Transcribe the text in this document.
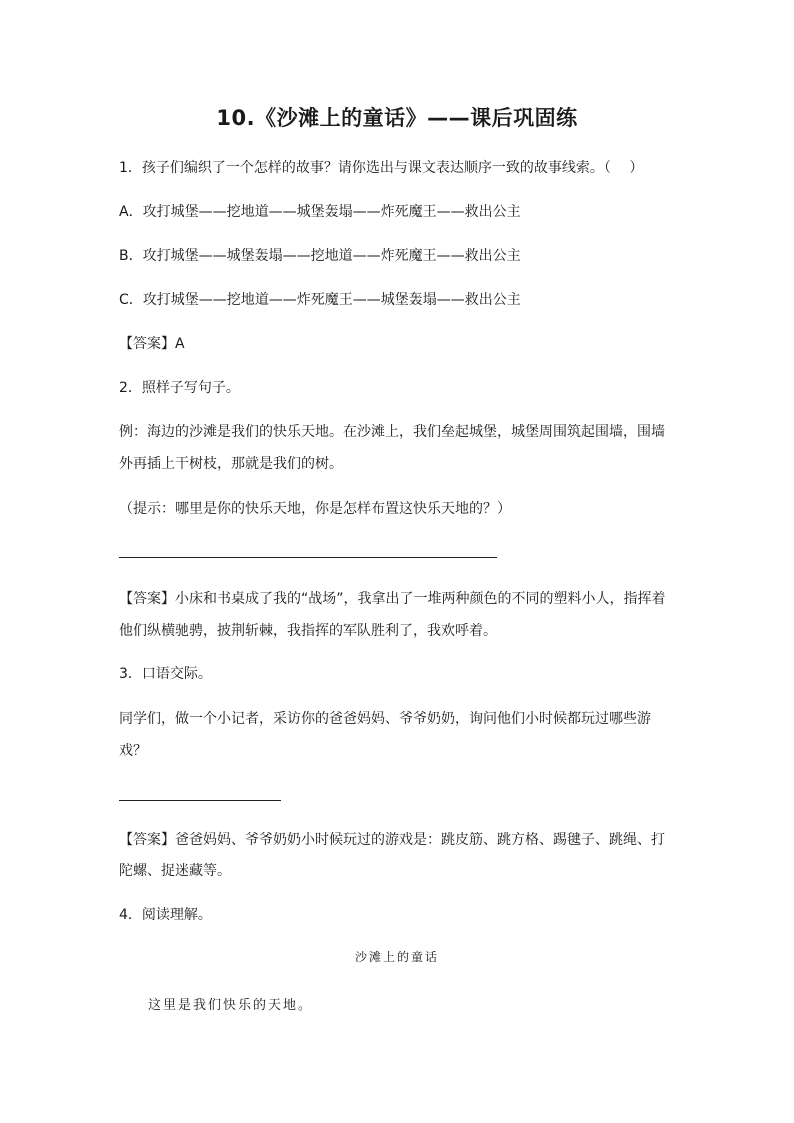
10.《沙滩上的童话》——课后巩固练
1．孩子们编织了一个怎样的故事？请你选出与课文表达顺序一致的故事线索。（　 ）
A．攻打城堡——挖地道——城堡轰塌——炸死魔王——救出公主
B．攻打城堡——城堡轰塌——挖地道——炸死魔王——救出公主
C．攻打城堡——挖地道——炸死魔王——城堡轰塌——救出公主
【答案】A
2．照样子写句子。
例：海边的沙滩是我们的快乐天地。在沙滩上，我们垒起城堡，城堡周围筑起围墙，围墙
外再插上干树枝，那就是我们的树。
（提示：哪里是你的快乐天地，你是怎样布置这快乐天地的？）
【答案】小床和书桌成了我的“战场”，我拿出了一堆两种颜色的不同的塑料小人，指挥着
他们纵横驰骋，披荆斩棘，我指挥的军队胜利了，我欢呼着。
3．口语交际。
同学们，做一个小记者，采访你的爸爸妈妈、爷爷奶奶，询问他们小时候都玩过哪些游
戏？
【答案】爸爸妈妈、爷爷奶奶小时候玩过的游戏是：跳皮筋、跳方格、踢毽子、跳绳、打
陀螺、捉迷藏等。
4．阅读理解。
沙滩上的童话
这里是我们快乐的天地。
